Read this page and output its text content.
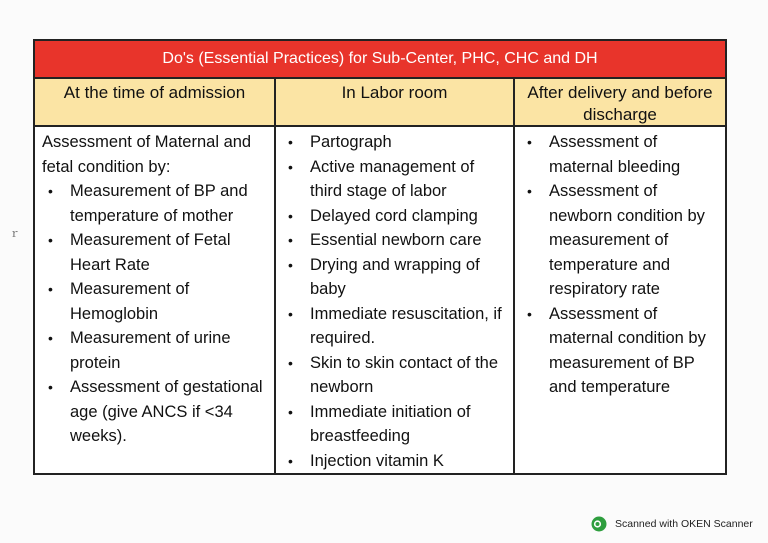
ｒ
Do's (Essential Practices) for Sub-Center, PHC, CHC and DH
At the time of admission	In Labor room	After delivery and before discharge
Assessment of Maternal and fetal condition by:
• Measurement of BP and temperature of mother
• Measurement of Fetal Heart Rate
• Measurement of Hemoglobin
• Measurement of urine protein
• Assessment of gestational age (give ANCS if <34 weeks).
• Partograph
• Active management of third stage of labor
• Delayed cord clamping
• Essential newborn care
• Drying and wrapping of baby
• Immediate resuscitation, if required.
• Skin to skin contact of the newborn
• Immediate initiation of breastfeeding
• Injection vitamin K
• Assessment of maternal bleeding
• Assessment of newborn condition by measurement of temperature and respiratory rate
• Assessment of maternal condition by measurement of BP and temperature
Scanned with OKEN Scanner
